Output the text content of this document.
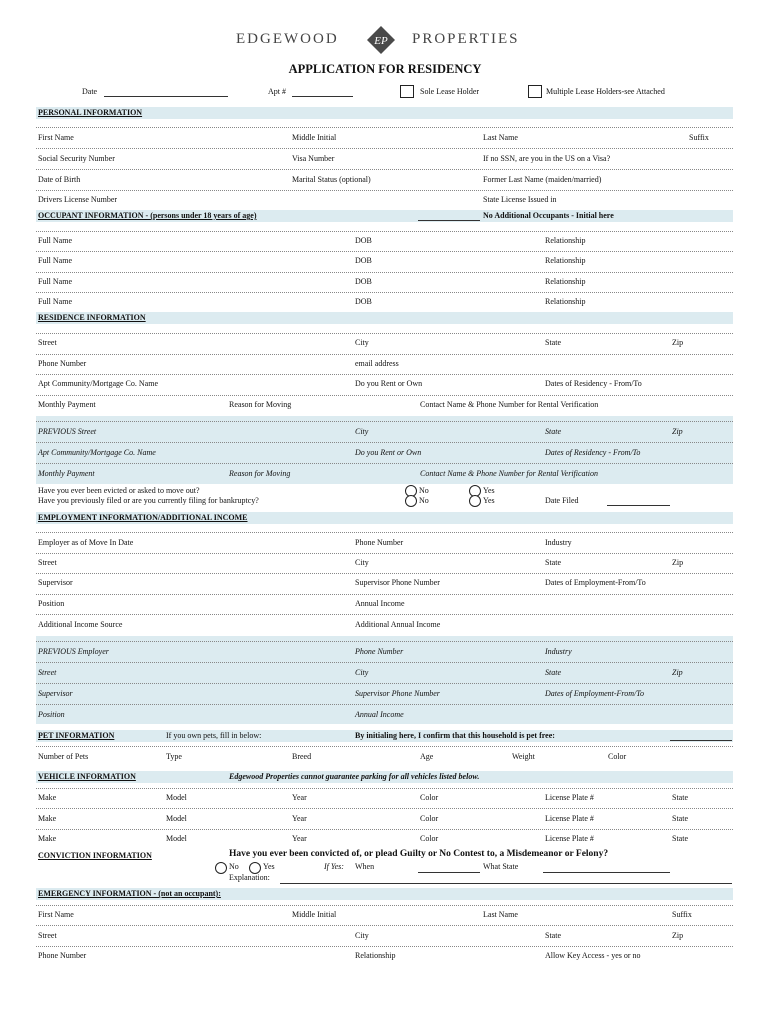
EDGEWOOD	EP PROPERTIES
APPLICATION FOR RESIDENCY
Date	Apt #	Sole Lease Holder	Multiple Lease Holders-see Attached
PERSONAL INFORMATION
First Name	Middle Initial	Last Name	Suffix
Social Security Number	Visa Number	If no SSN, are you in the US on a Visa?
Date of Birth	Marital Status (optional)	Former Last Name (maiden/married)
Drivers License Number	State License Issued in
OCCUPANT INFORMATION - (persons under 18 years of age)	No Additional Occupants - Initial here
Full Name	DOB	Relationship
Full Name	DOB	Relationship
Full Name	DOB	Relationship
Full Name	DOB	Relationship
RESIDENCE INFORMATION
Street	City	State	Zip
Phone Number	email address
Apt Community/Mortgage Co. Name	Do you Rent or Own	Dates of Residency - From/To
Monthly Payment	Reason for Moving	Contact Name & Phone Number for Rental Verification
PREVIOUS Street	City	State	Zip
Apt Community/Mortgage Co. Name	Do you Rent or Own	Dates of Residency - From/To
Monthly Payment	Reason for Moving	Contact Name & Phone Number for Rental Verification
Have you ever been evicted or asked to move out?	No	Yes
Have you previously filed or are you currently filing for bankruptcy?	No	Yes	Date Filed
EMPLOYMENT INFORMATION/ADDITIONAL INCOME
Employer as of Move In Date	Phone Number	Industry
Street	City	State	Zip
Supervisor	Supervisor Phone Number	Dates of Employment-From/To
Position	Annual Income
Additional Income Source	Additional Annual Income
PREVIOUS Employer	Phone Number	Industry
Street	City	State	Zip
Supervisor	Supervisor Phone Number	Dates of Employment-From/To
Position	Annual Income
PET INFORMATION	If you own pets, fill in below:	By initialing here, I confirm that this household is pet free:
Number of Pets	Type	Breed	Age	Weight	Color
VEHICLE INFORMATION	Edgewood Properties cannot guarantee parking for all vehicles listed below.
Make	Model	Year	Color	License Plate #	State
Make	Model	Year	Color	License Plate #	State
Make	Model	Year	Color	License Plate #	State
CONVICTION INFORMATION	Have you ever been convicted of, or plead Guilty or No Contest to, a Misdemeanor or Felony?
No	Yes	If Yes: When	What State
Explanation:
EMERGENCY INFORMATION - (not an occupant):
First Name	Middle Initial	Last Name	Suffix
Street	City	State	Zip
Phone Number	Relationship	Allow Key Access - yes or no
